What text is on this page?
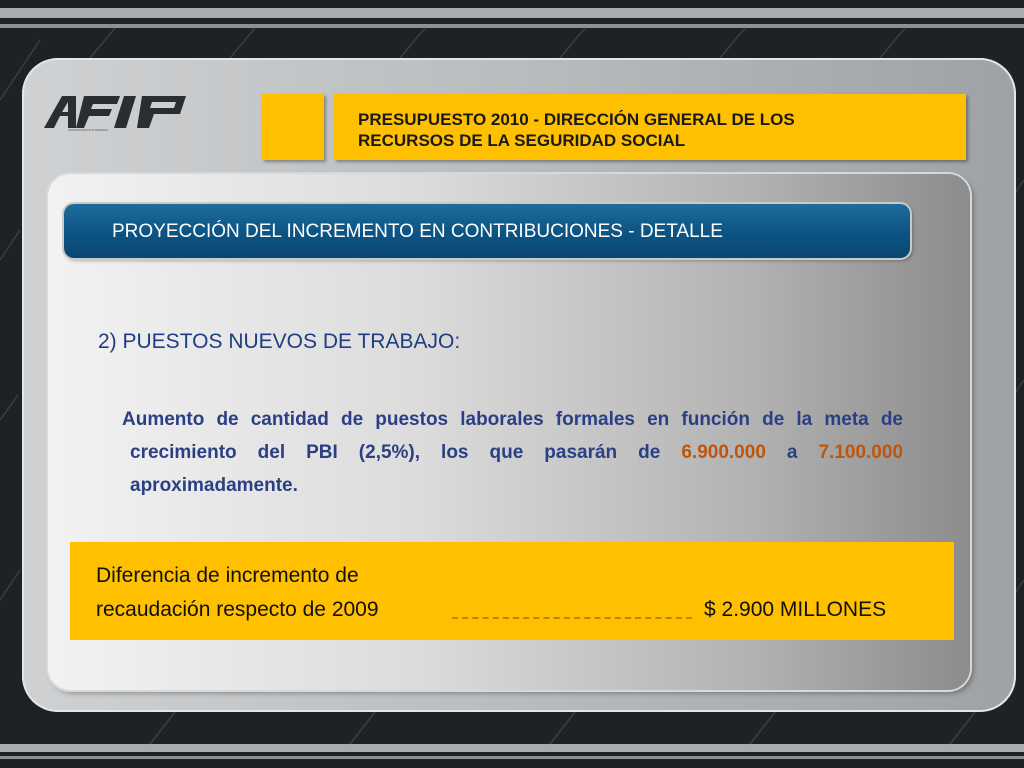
ADMINISTRACION FEDERAL
PRESUPUESTO 2010 - DIRECCIÓN GENERAL DE LOS
RECURSOS DE LA SEGURIDAD SOCIAL
PROYECCIÓN DEL INCREMENTO EN CONTRIBUCIONES - DETALLE
2) PUESTOS NUEVOS DE TRABAJO:
Aumento de cantidad de puestos laborales formales en función de la meta de crecimiento del PBI (2,5%), los que pasarán de 6.900.000 a 7.100.000 aproximadamente.
Diferencia de incremento de
recaudación respecto de 2009	$ 2.900 MILLONES
